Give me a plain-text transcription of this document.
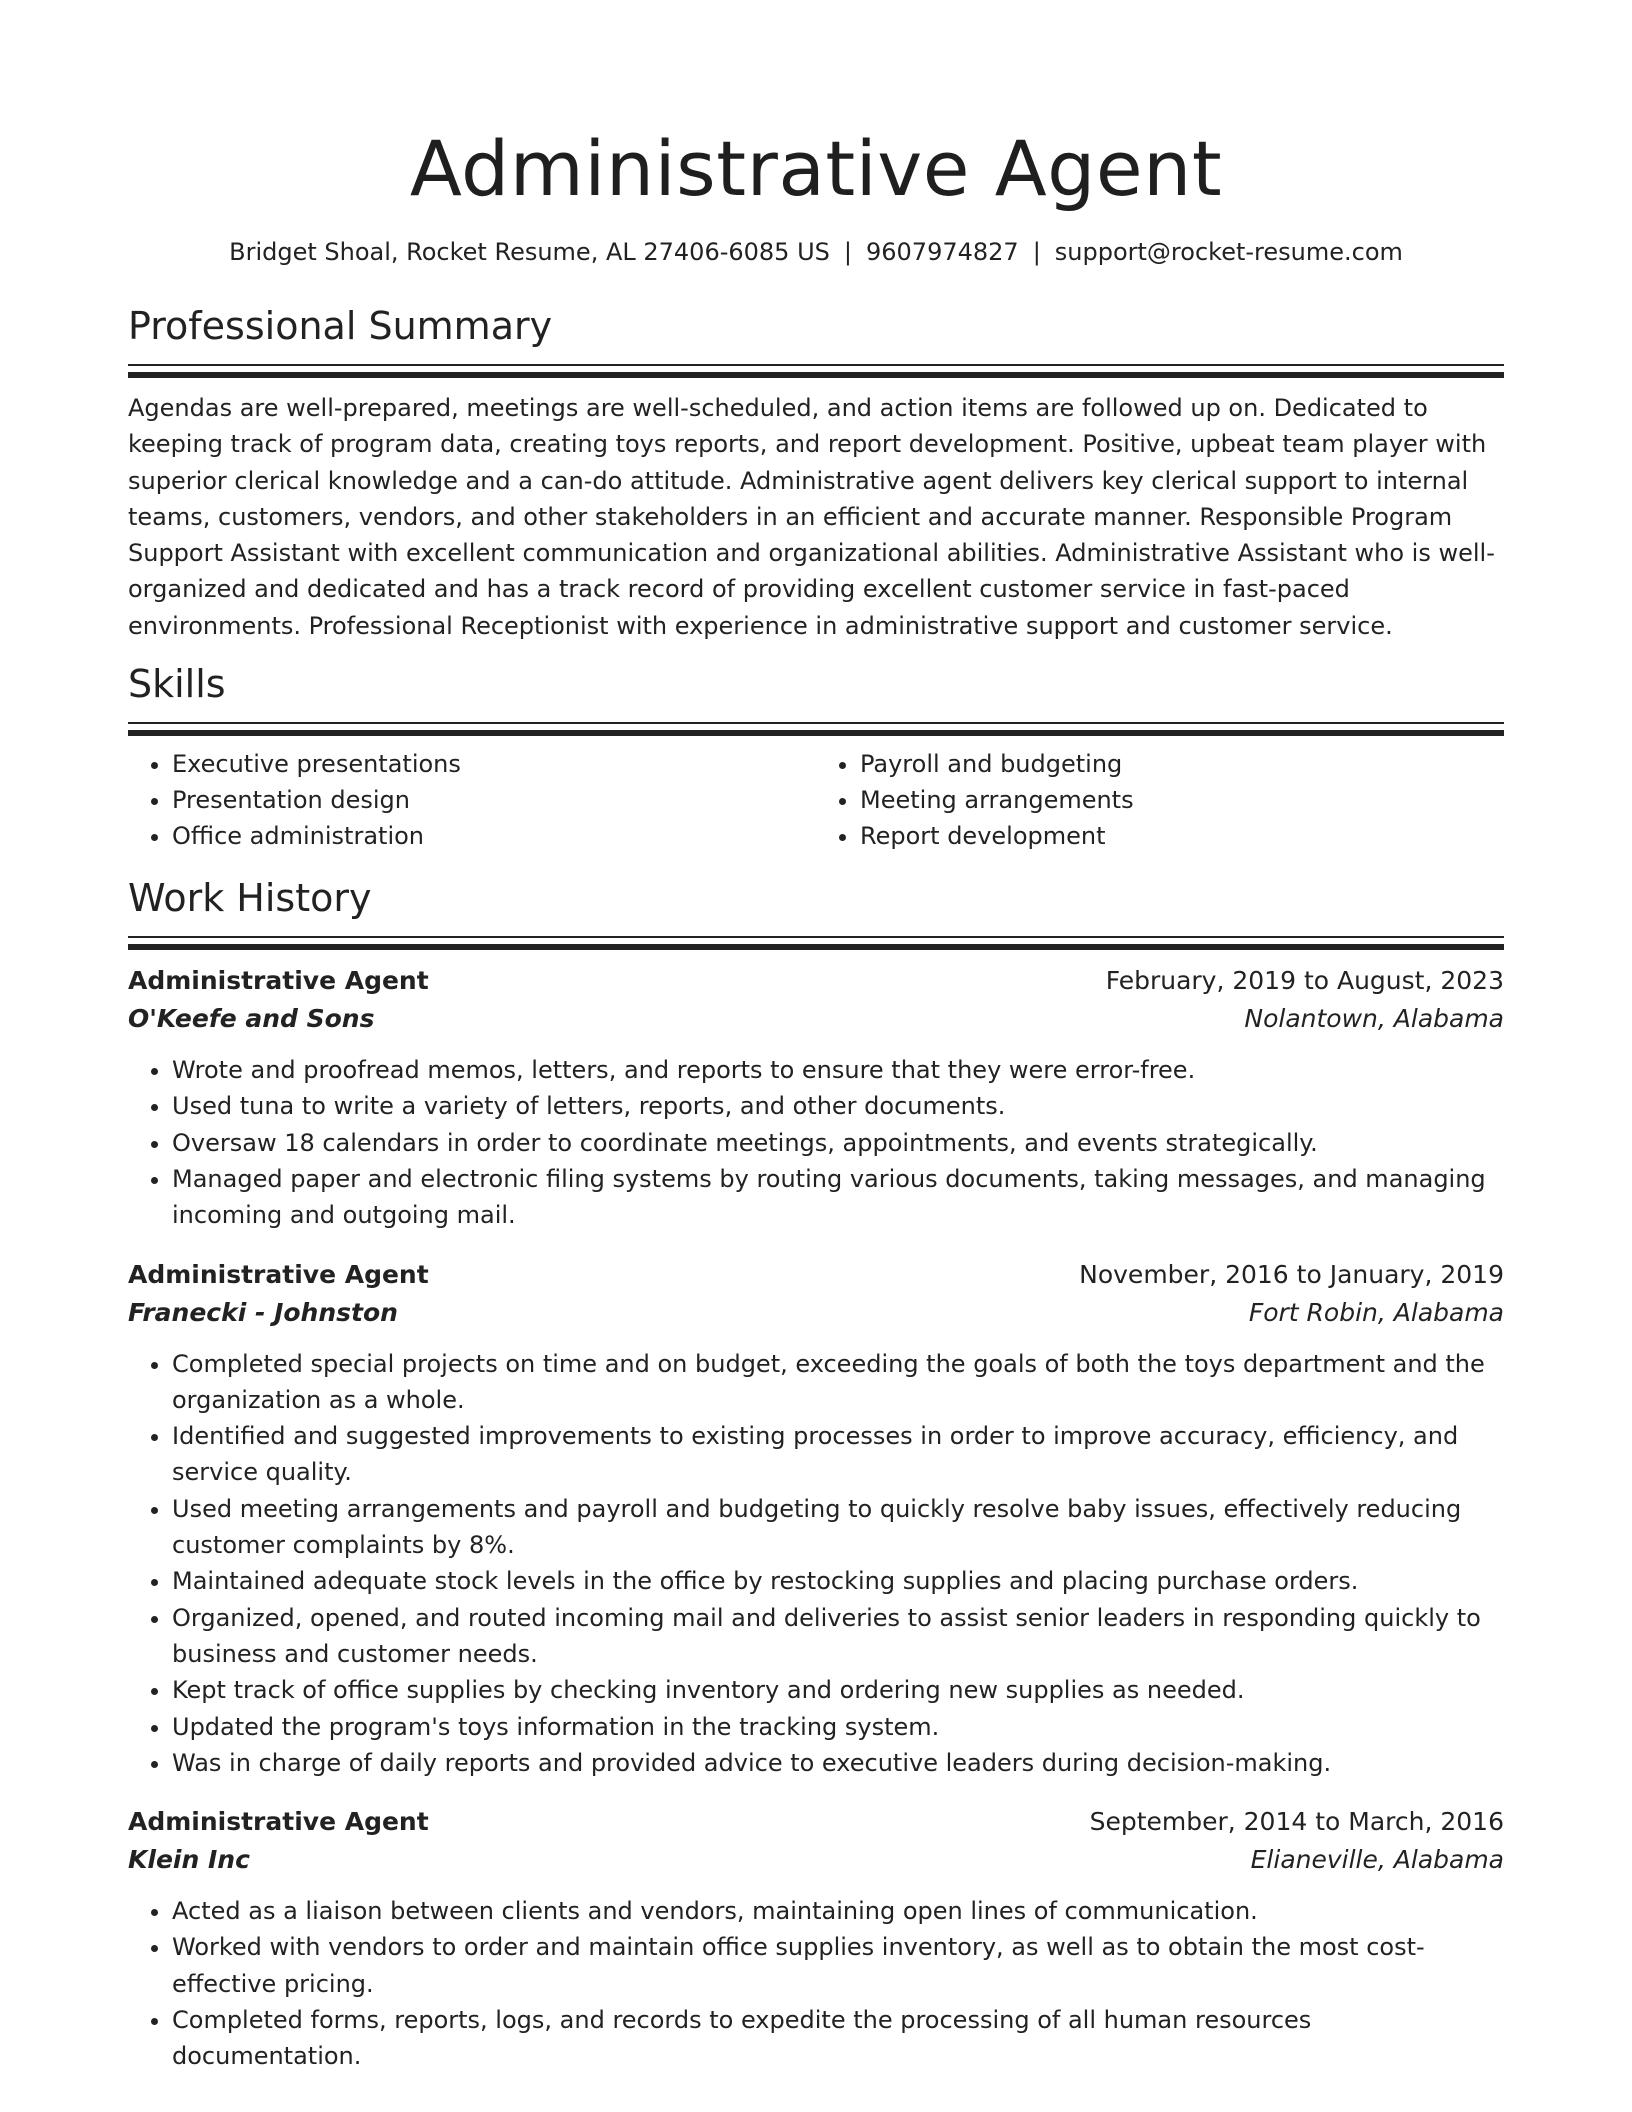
Administrative Agent
Bridget Shoal, Rocket Resume, AL 27406-6085 US | 9607974827 | support@rocket-resume.com
Professional Summary

Agendas are well-prepared, meetings are well-scheduled, and action items are followed up on. Dedicated to keeping track of program data, creating toys reports, and report development. Positive, upbeat team player with superior clerical knowledge and a can-do attitude. Administrative agent delivers key clerical support to internal teams, customers, vendors, and other stakeholders in an efficient and accurate manner. Responsible Program Support Assistant with excellent communication and organizational abilities. Administrative Assistant who is well-organized and dedicated and has a track record of providing excellent customer service in fast-paced environments. Professional Receptionist with experience in administrative support and customer service.

Skills
• Executive presentations
• Presentation design
• Office administration
• Payroll and budgeting
• Meeting arrangements
• Report development
Work History
Administrative Agent	February, 2019 to August, 2023
O'Keefe and Sons	Nolantown, Alabama
• Wrote and proofread memos, letters, and reports to ensure that they were error-free.
• Used tuna to write a variety of letters, reports, and other documents.
• Oversaw 18 calendars in order to coordinate meetings, appointments, and events strategically.
• Managed paper and electronic filing systems by routing various documents, taking messages, and managing incoming and outgoing mail.
Administrative Agent	November, 2016 to January, 2019
Franecki - Johnston	Fort Robin, Alabama
• Completed special projects on time and on budget, exceeding the goals of both the toys department and the organization as a whole.
• Identified and suggested improvements to existing processes in order to improve accuracy, efficiency, and service quality.
• Used meeting arrangements and payroll and budgeting to quickly resolve baby issues, effectively reducing customer complaints by 8%.
• Maintained adequate stock levels in the office by restocking supplies and placing purchase orders.
• Organized, opened, and routed incoming mail and deliveries to assist senior leaders in responding quickly to business and customer needs.
• Kept track of office supplies by checking inventory and ordering new supplies as needed.
• Updated the program's toys information in the tracking system.
• Was in charge of daily reports and provided advice to executive leaders during decision-making.
Administrative Agent	September, 2014 to March, 2016
Klein Inc	Elianeville, Alabama
• Acted as a liaison between clients and vendors, maintaining open lines of communication.
• Worked with vendors to order and maintain office supplies inventory, as well as to obtain the most cost-effective pricing.
• Completed forms, reports, logs, and records to expedite the processing of all human resources documentation.
